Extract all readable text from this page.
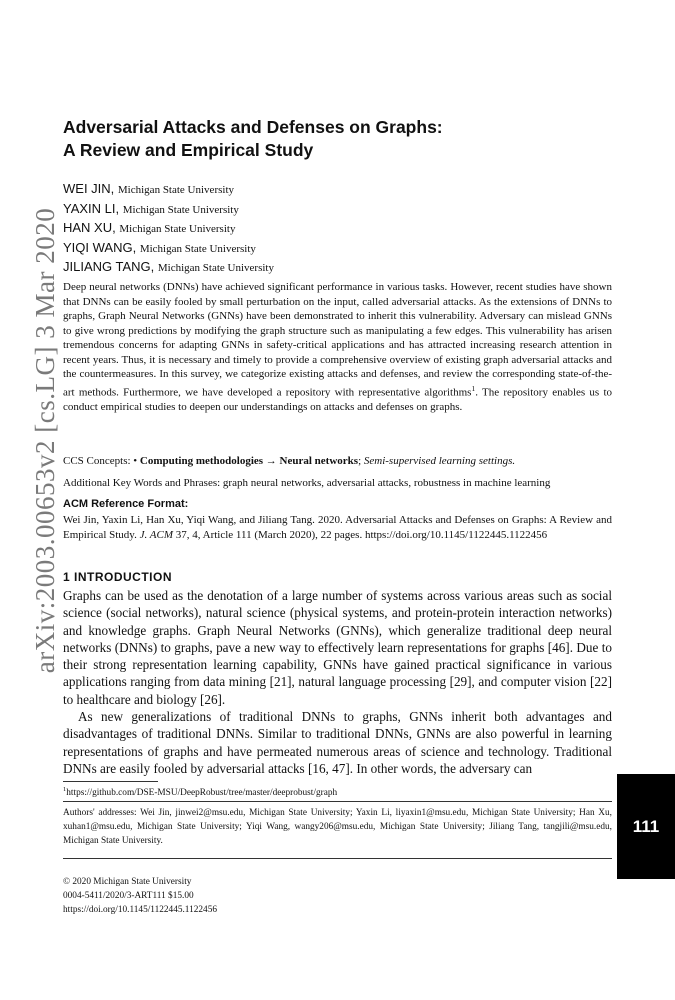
arXiv:2003.00653v2 [cs.LG] 3 Mar 2020
Adversarial Attacks and Defenses on Graphs:
A Review and Empirical Study
WEI JIN, Michigan State University
YAXIN LI, Michigan State University
HAN XU, Michigan State University
YIQI WANG, Michigan State University
JILIANG TANG, Michigan State University
Deep neural networks (DNNs) have achieved significant performance in various tasks. However, recent studies have shown that DNNs can be easily fooled by small perturbation on the input, called adversarial attacks. As the extensions of DNNs to graphs, Graph Neural Networks (GNNs) have been demonstrated to inherit this vulnerability. Adversary can mislead GNNs to give wrong predictions by modifying the graph structure such as manipulating a few edges. This vulnerability has arisen tremendous concerns for adapting GNNs in safety-critical applications and has attracted increasing research attention in recent years. Thus, it is necessary and timely to provide a comprehensive overview of existing graph adversarial attacks and the countermeasures. In this survey, we categorize existing attacks and defenses, and review the corresponding state-of-the-art methods. Furthermore, we have developed a repository with representative algorithms$^1$. The repository enables us to conduct empirical studies to deepen our understandings on attacks and defenses on graphs.
CCS Concepts: • Computing methodologies → Neural networks; Semi-supervised learning settings.
Additional Key Words and Phrases: graph neural networks, adversarial attacks, robustness in machine learning
ACM Reference Format:
Wei Jin, Yaxin Li, Han Xu, Yiqi Wang, and Jiliang Tang. 2020. Adversarial Attacks and Defenses on Graphs: A Review and Empirical Study. J. ACM 37, 4, Article 111 (March 2020), 22 pages. https://doi.org/10.1145/1122445.1122456
1 INTRODUCTION

Graphs can be used as the denotation of a large number of systems across various areas such as social science (social networks), natural science (physical systems, and protein-protein interaction networks) and knowledge graphs. Graph Neural Networks (GNNs), which generalize traditional deep neural networks (DNNs) to graphs, pave a new way to effectively learn representations for graphs [46]. Due to their strong representation learning capability, GNNs have gained practical significance in various applications ranging from data mining [21], natural language processing [29], and computer vision [22] to healthcare and biology [26].

As new generalizations of traditional DNNs to graphs, GNNs inherit both advantages and disadvantages of traditional DNNs. Similar to traditional DNNs, GNNs are also powerful in learning representations of graphs and have permeated numerous areas of science and technology. Traditional DNNs are easily fooled by adversarial attacks [16, 47]. In other words, the adversary can

$^1$https://github.com/DSE-MSU/DeepRobust/tree/master/deeprobust/graph
Authors' addresses: Wei Jin, jinwei2@msu.edu, Michigan State University; Yaxin Li, liyaxin1@msu.edu, Michigan State University; Han Xu, xuhan1@msu.edu, Michigan State University; Yiqi Wang, wangy206@msu.edu, Michigan State University; Jiliang Tang, tangjili@msu.edu, Michigan State University.
© 2020 Michigan State University
0004-5411/2020/3-ART111 $15.00
https://doi.org/10.1145/1122445.1122456
111
